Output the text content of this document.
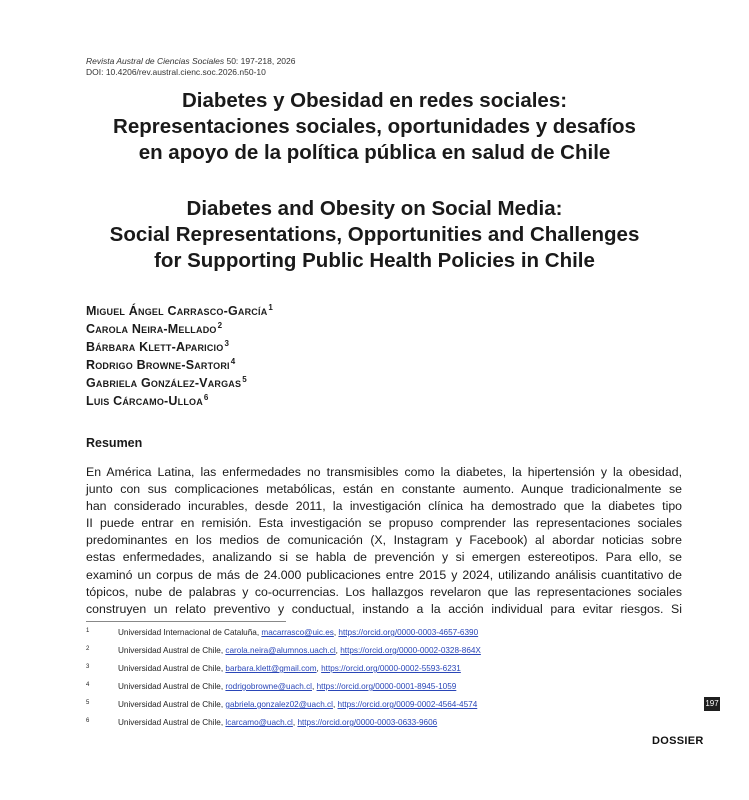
Revista Austral de Ciencias Sociales 50: 197-218, 2026
DOI: 10.4206/rev.austral.cienc.soc.2026.n50-10
Diabetes y Obesidad en redes sociales:
Representaciones sociales, oportunidades y desafíos
en apoyo de la política pública en salud de Chile
Diabetes and Obesity on Social Media:
Social Representations, Opportunities and Challenges
for Supporting Public Health Policies in Chile
Miguel Ángel Carrasco-García$^1$
Carola Neira-Mellado$^2$
Bárbara Klett-Aparicio$^3$
Rodrigo Browne-Sartori$^4$
Gabriela González-Vargas$^5$
Luis Cárcamo-Ulloa$^6$
Resumen
En América Latina, las enfermedades no transmisibles como la diabetes, la hipertensión y la obesidad,
junto con sus complicaciones metabólicas, están en constante aumento. Aunque tradicionalmente se
han considerado incurables, desde 2011, la investigación clínica ha demostrado que la diabetes tipo
II puede entrar en remisión. Esta investigación se propuso comprender las representaciones sociales
predominantes en los medios de comunicación (X, Instagram y Facebook) al abordar noticias sobre
estas enfermedades, analizando si se habla de prevención y si emergen estereotipos. Para ello, se
examinó un corpus de más de 24.000 publicaciones entre 2015 y 2024, utilizando análisis cuantitativo de
tópicos, nube de palabras y co-ocurrencias. Los hallazgos revelaron que las representaciones sociales
construyen un relato preventivo y conductual, instando a la acción individual para evitar riesgos. Si
1	Universidad Internacional de Cataluña, macarrasco@uic.es, https://orcid.org/0000-0003-4657-6390
2	Universidad Austral de Chile, carola.neira@alumnos.uach.cl, https://orcid.org/0000-0002-0328-864X
3	Universidad Austral de Chile, barbara.klett@gmail.com, https://orcid.org/0000-0002-5593-6231
4	Universidad Austral de Chile, rodrigobrowne@uach.cl, https://orcid.org/0000-0001-8945-1059
5	Universidad Austral de Chile, gabriela.gonzalez02@uach.cl, https://orcid.org/0009-0002-4564-4574
6	Universidad Austral de Chile, lcarcamo@uach.cl, https://orcid.org/0000-0003-0633-9606
197
DOSSIER
